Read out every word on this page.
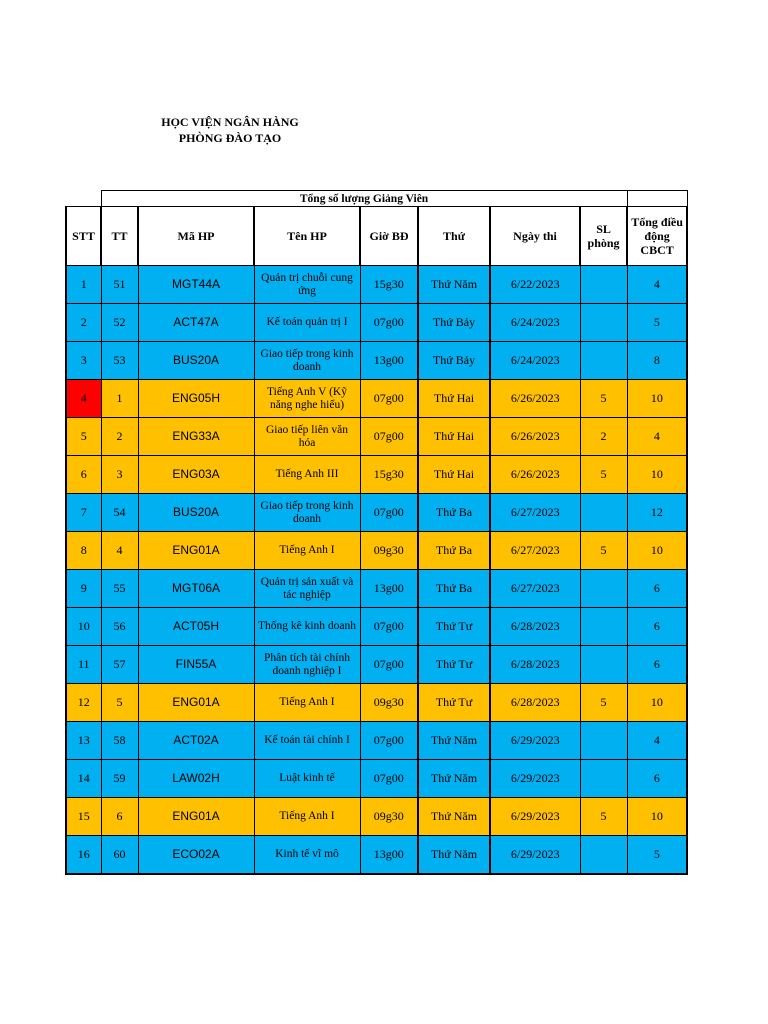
HỌC VIỆN NGÂN HÀNG
PHÒNG ĐÀO TẠO
	Tổng số lượng Giảng Viên							
STT	TT	Mã HP	Tên HP	Giờ BĐ	Thứ	Ngày thi	SL phòng	Tổng điều động CBCT
1	51	MGT44A	Quản trị chuỗi cung ứng	15g30	Thứ Năm	6/22/2023		4
2	52	ACT47A	Kế toán quản trị I	07g00	Thứ Bảy	6/24/2023		5
3	53	BUS20A	Giao tiếp trong kinh doanh	13g00	Thứ Bảy	6/24/2023		8
4	1	ENG05H	Tiếng Anh V (Kỹ năng nghe hiểu)	07g00	Thứ Hai	6/26/2023	5	10
5	2	ENG33A	Giao tiếp liên văn hóa	07g00	Thứ Hai	6/26/2023	2	4
6	3	ENG03A	Tiếng Anh III	15g30	Thứ Hai	6/26/2023	5	10
7	54	BUS20A	Giao tiếp trong kinh doanh	07g00	Thứ Ba	6/27/2023		12
8	4	ENG01A	Tiếng Anh I	09g30	Thứ Ba	6/27/2023	5	10
9	55	MGT06A	Quản trị sản xuất và tác nghiệp	13g00	Thứ Ba	6/27/2023		6
10	56	ACT05H	Thống kê kinh doanh	07g00	Thứ Tư	6/28/2023		6
11	57	FIN55A	Phân tích tài chính doanh nghiệp I	07g00	Thứ Tư	6/28/2023		6
12	5	ENG01A	Tiếng Anh I	09g30	Thứ Tư	6/28/2023	5	10
13	58	ACT02A	Kế toán tài chính I	07g00	Thứ Năm	6/29/2023		4
14	59	LAW02H	Luật kinh tế	07g00	Thứ Năm	6/29/2023		6
15	6	ENG01A	Tiếng Anh I	09g30	Thứ Năm	6/29/2023	5	10
16	60	ECO02A	Kinh tế vĩ mô	13g00	Thứ Năm	6/29/2023		5
